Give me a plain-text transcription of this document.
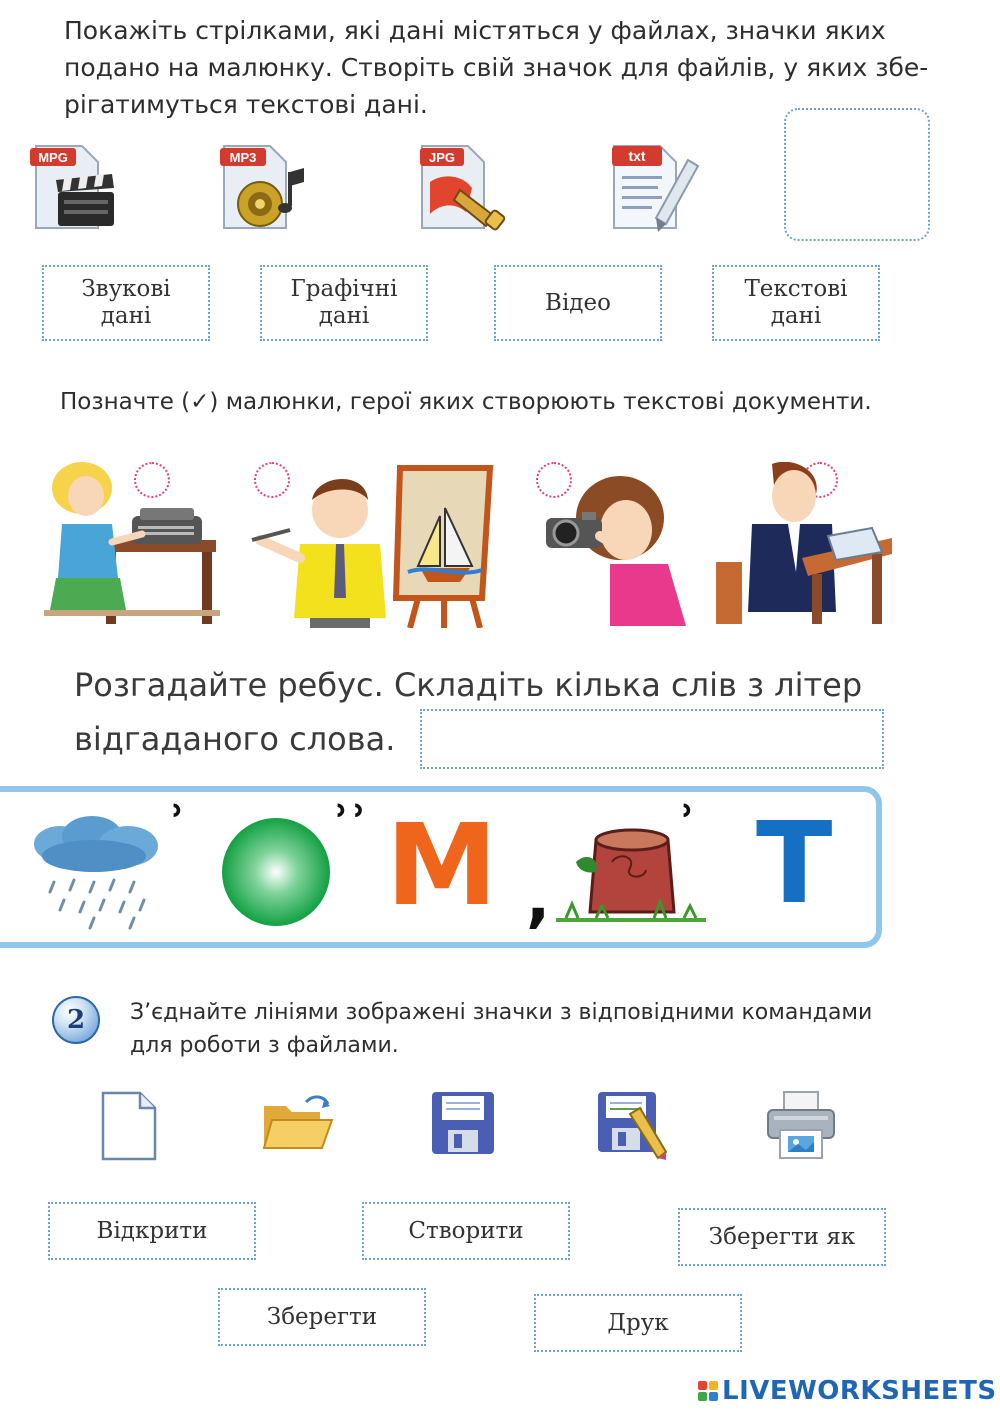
Покажіть стрілками, які дані містяться у файлах, значки яких
подано на малюнку. Створіть свій значок для файлів, у яких збе-
рігатимуться текстові дані.

MPG	MP3	JPG	txt
Звукові
дані
Графічні
дані
Відео
Текстові
дані

Позначте (✓) малюнки, герої яких створюють текстові документи.

Розгадайте ребус. Складіть кілька слів з літер
відгаданого слова.

ʾ	ʾʾ М ,
ʾ Т
2	З’єднайте лініями зображені значки з відповідними командами
для роботи з файлами.

Відкрити	Створити	Зберегти як
Зберегти	Друк
LIVEWORKSHEETS
